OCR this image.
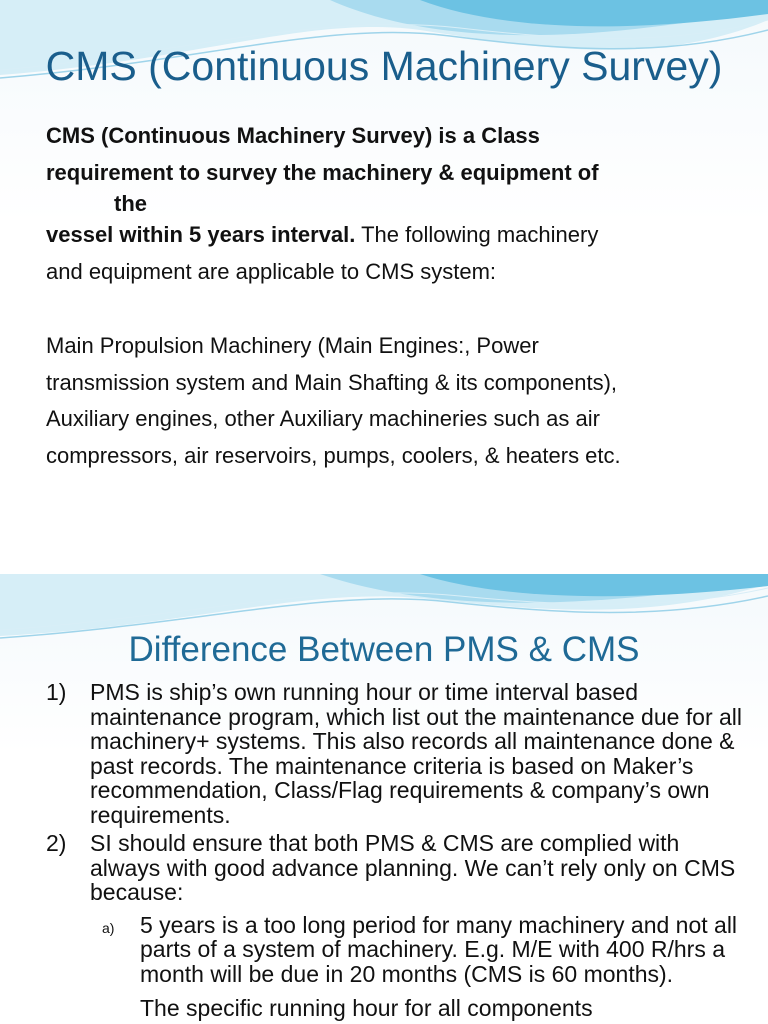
CMS (Continuous Machinery Survey)

CMS (Continuous Machinery Survey) is a Class

requirement to survey the machinery & equipment of

the

vessel within 5 years interval. The following machinery

and equipment are applicable to CMS system:

Main Propulsion Machinery (Main Engines:, Power

transmission system and Main Shafting & its components),

Auxiliary engines, other Auxiliary machineries such as air

compressors, air reservoirs, pumps, coolers, & heaters etc.

Difference Between PMS & CMS
1) PMS is ship’s own running hour or time interval based maintenance program, which list out the maintenance due for all machinery+ systems. This also records all maintenance done & past records. The maintenance criteria is based on Maker’s recommendation, Class/Flag requirements & company’s own requirements.
2) SI should ensure that both PMS & CMS are complied with always with good advance planning. We can’t rely only on CMS because:
a) 5 years is a too long period for many machinery and not all parts of a system of machinery. E.g. M/E with 400 R/hrs a month will be due in 20 months (CMS is 60 months).
The specific running hour for all components
